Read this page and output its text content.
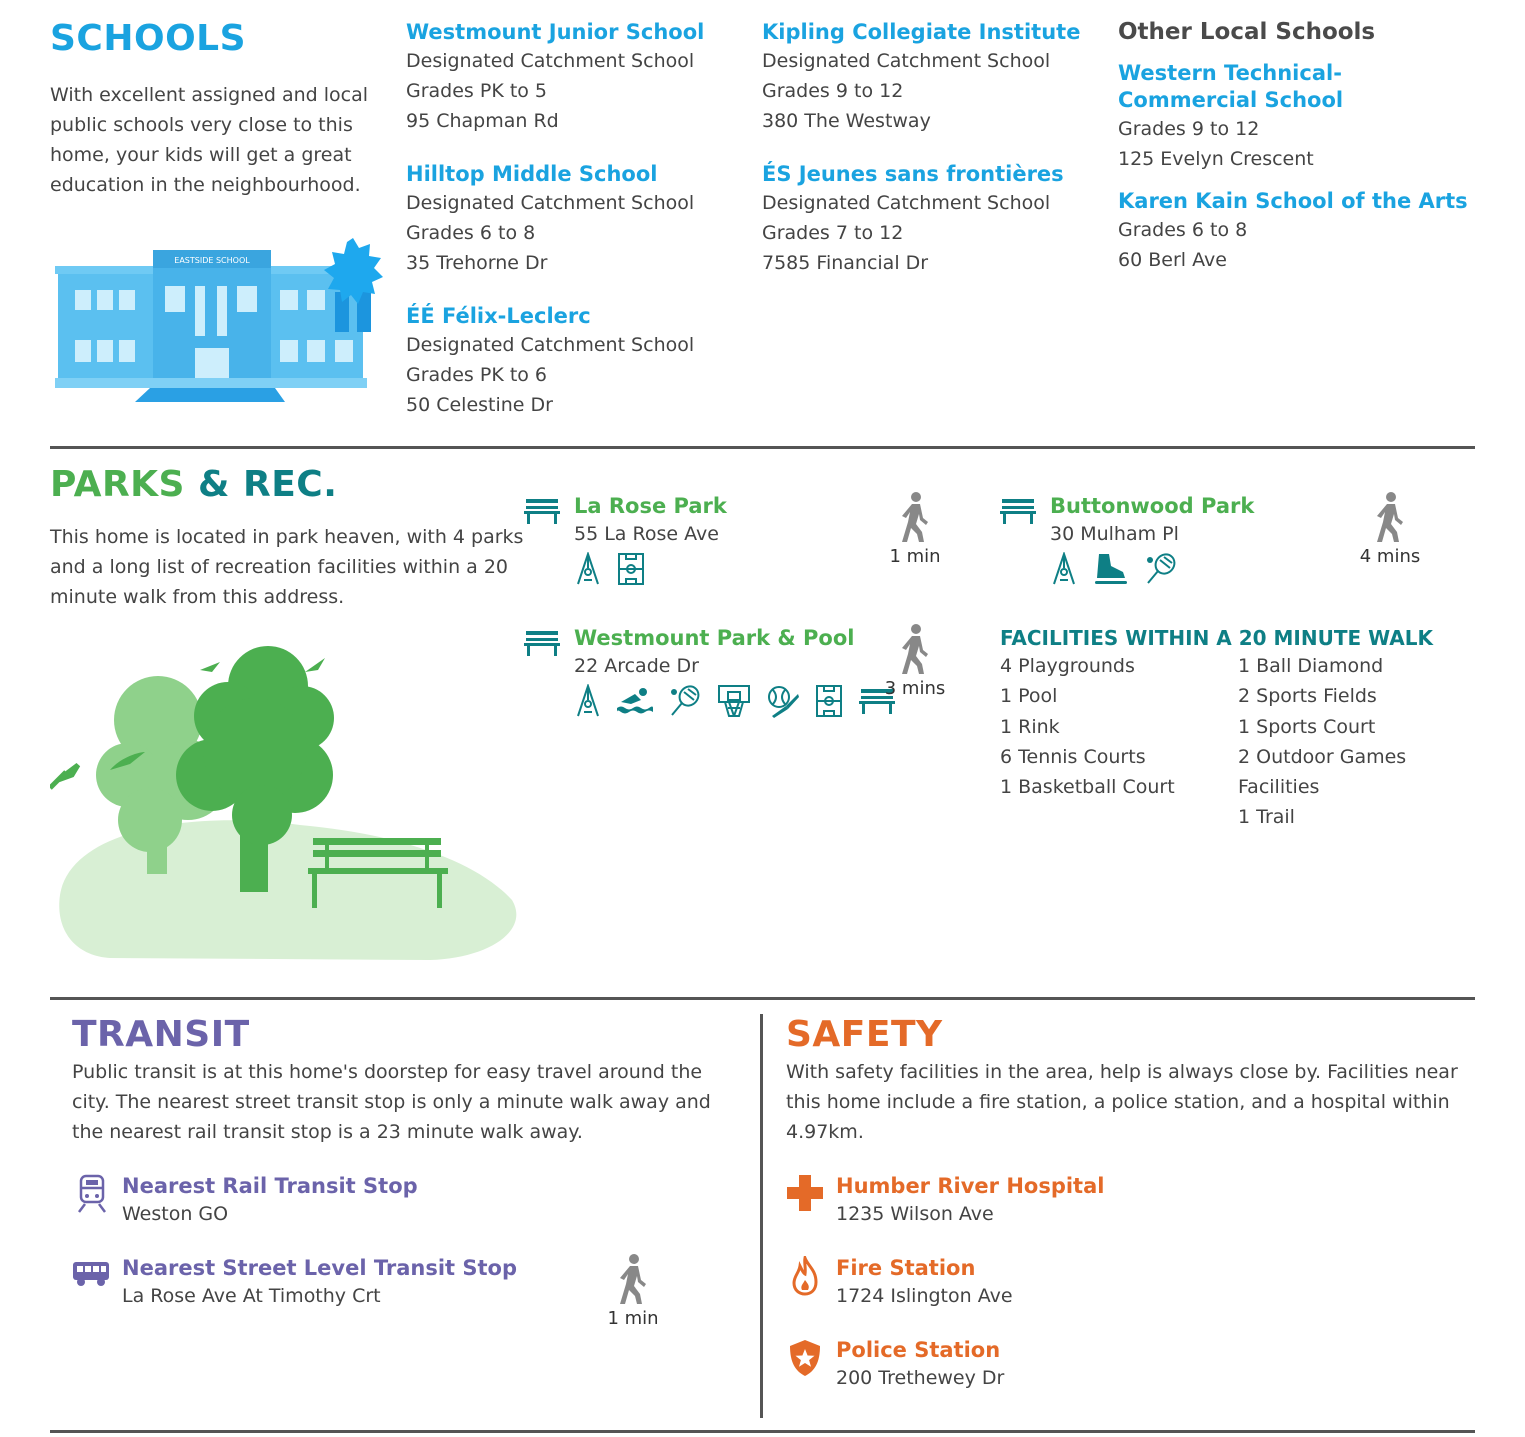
SCHOOLS
With excellent assigned and local public schools very close to this home, your kids will get a great education in the neighbourhood.
EASTSIDE SCHOOL
Westmount Junior School
Designated Catchment School
Grades PK to 5
95 Chapman Rd
Hilltop Middle School
Designated Catchment School
Grades 6 to 8
35 Trehorne Dr
ÉÉ Félix-Leclerc
Designated Catchment School
Grades PK to 6
50 Celestine Dr
Kipling Collegiate Institute
Designated Catchment School
Grades 9 to 12
380 The Westway
ÉS Jeunes sans frontières
Designated Catchment School
Grades 7 to 12
7585 Financial Dr
Other Local Schools
Western Technical-
Commercial School
Grades 9 to 12
125 Evelyn Crescent
Karen Kain School of the Arts
Grades 6 to 8
60 Berl Ave
PARKS & REC.
This home is located in park heaven, with 4 parks and a long list of recreation facilities within a 20 minute walk from this address.
La Rose Park
55 La Rose Ave

1 min
Buttonwood Park
30 Mulham Pl

4 mins
Westmount Park & Pool
22 Arcade Dr

3 mins
FACILITIES WITHIN A 20 MINUTE WALK
4 Playgrounds
1 Pool
1 Rink
6 Tennis Courts
1 Basketball Court
1 Ball Diamond
2 Sports Fields
1 Sports Court
2 Outdoor Games
Facilities
1 Trail
TRANSIT
Public transit is at this home's doorstep for easy travel around the city. The nearest street transit stop is only a minute walk away and the nearest rail transit stop is a 23 minute walk away.
Nearest Rail Transit Stop
Weston GO
Nearest Street Level Transit Stop
La Rose Ave At Timothy Crt
1 min
SAFETY
With safety facilities in the area, help is always close by. Facilities near this home include a fire station, a police station, and a hospital within 4.97km.
Humber River Hospital
1235 Wilson Ave
Fire Station
1724 Islington Ave
Police Station
200 Trethewey Dr
